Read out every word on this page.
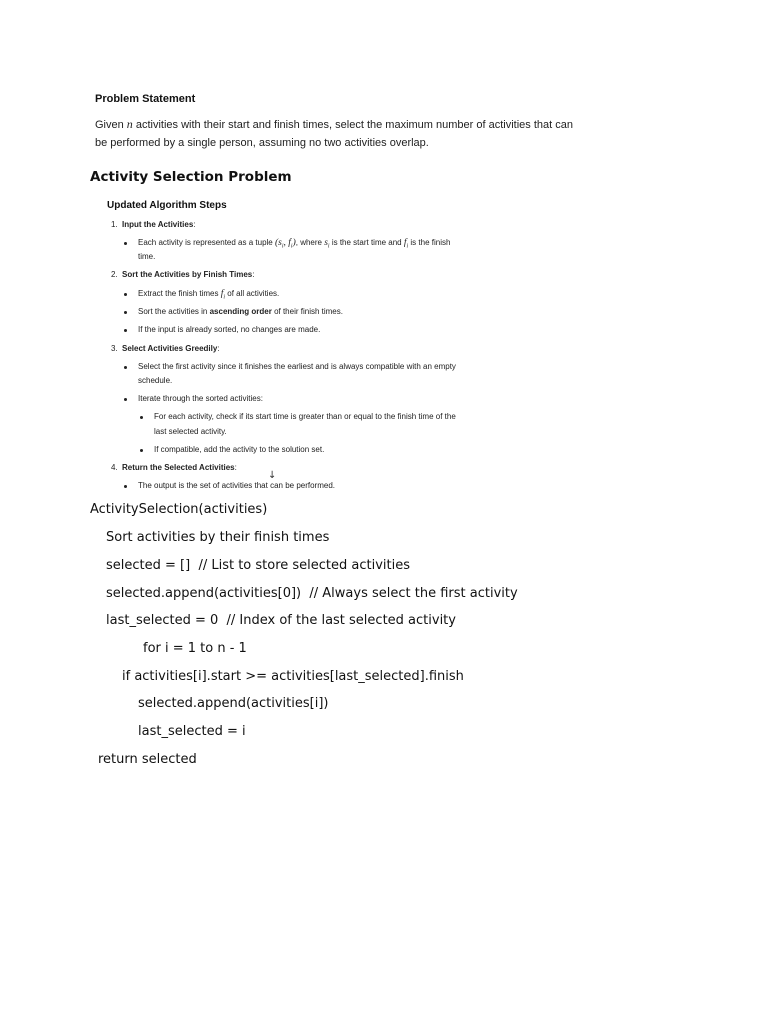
Problem Statement
Given n activities with their start and finish times, select the maximum number of activities that can
be performed by a single person, assuming no two activities overlap.
Activity Selection Problem
Updated Algorithm Steps
1. Input the Activities:
Each activity is represented as a tuple ($s_i$, $f_i$), where $s_i$ is the start time and $f_i$ is the finish
time.
2. Sort the Activities by Finish Times:
Extract the finish times $f_i$ of all activities.
Sort the activities in ascending order of their finish times.
If the input is already sorted, no changes are made.
3. Select Activities Greedily:
Select the first activity since it finishes the earliest and is always compatible with an empty
schedule.
Iterate through the sorted activities:
For each activity, check if its start time is greater than or equal to the finish time of the
last selected activity.
If compatible, add the activity to the solution set.
4. Return the Selected Activities:
↓
The output is the set of activities that can be performed.
ActivitySelection(activities)
Sort activities by their finish times
selected = []  // List to store selected activities
selected.append(activities[0])  // Always select the first activity
last_selected = 0  // Index of the last selected activity
for i = 1 to n - 1
if activities[i].start >= activities[last_selected].finish
selected.append(activities[i])
last_selected = i
return selected
